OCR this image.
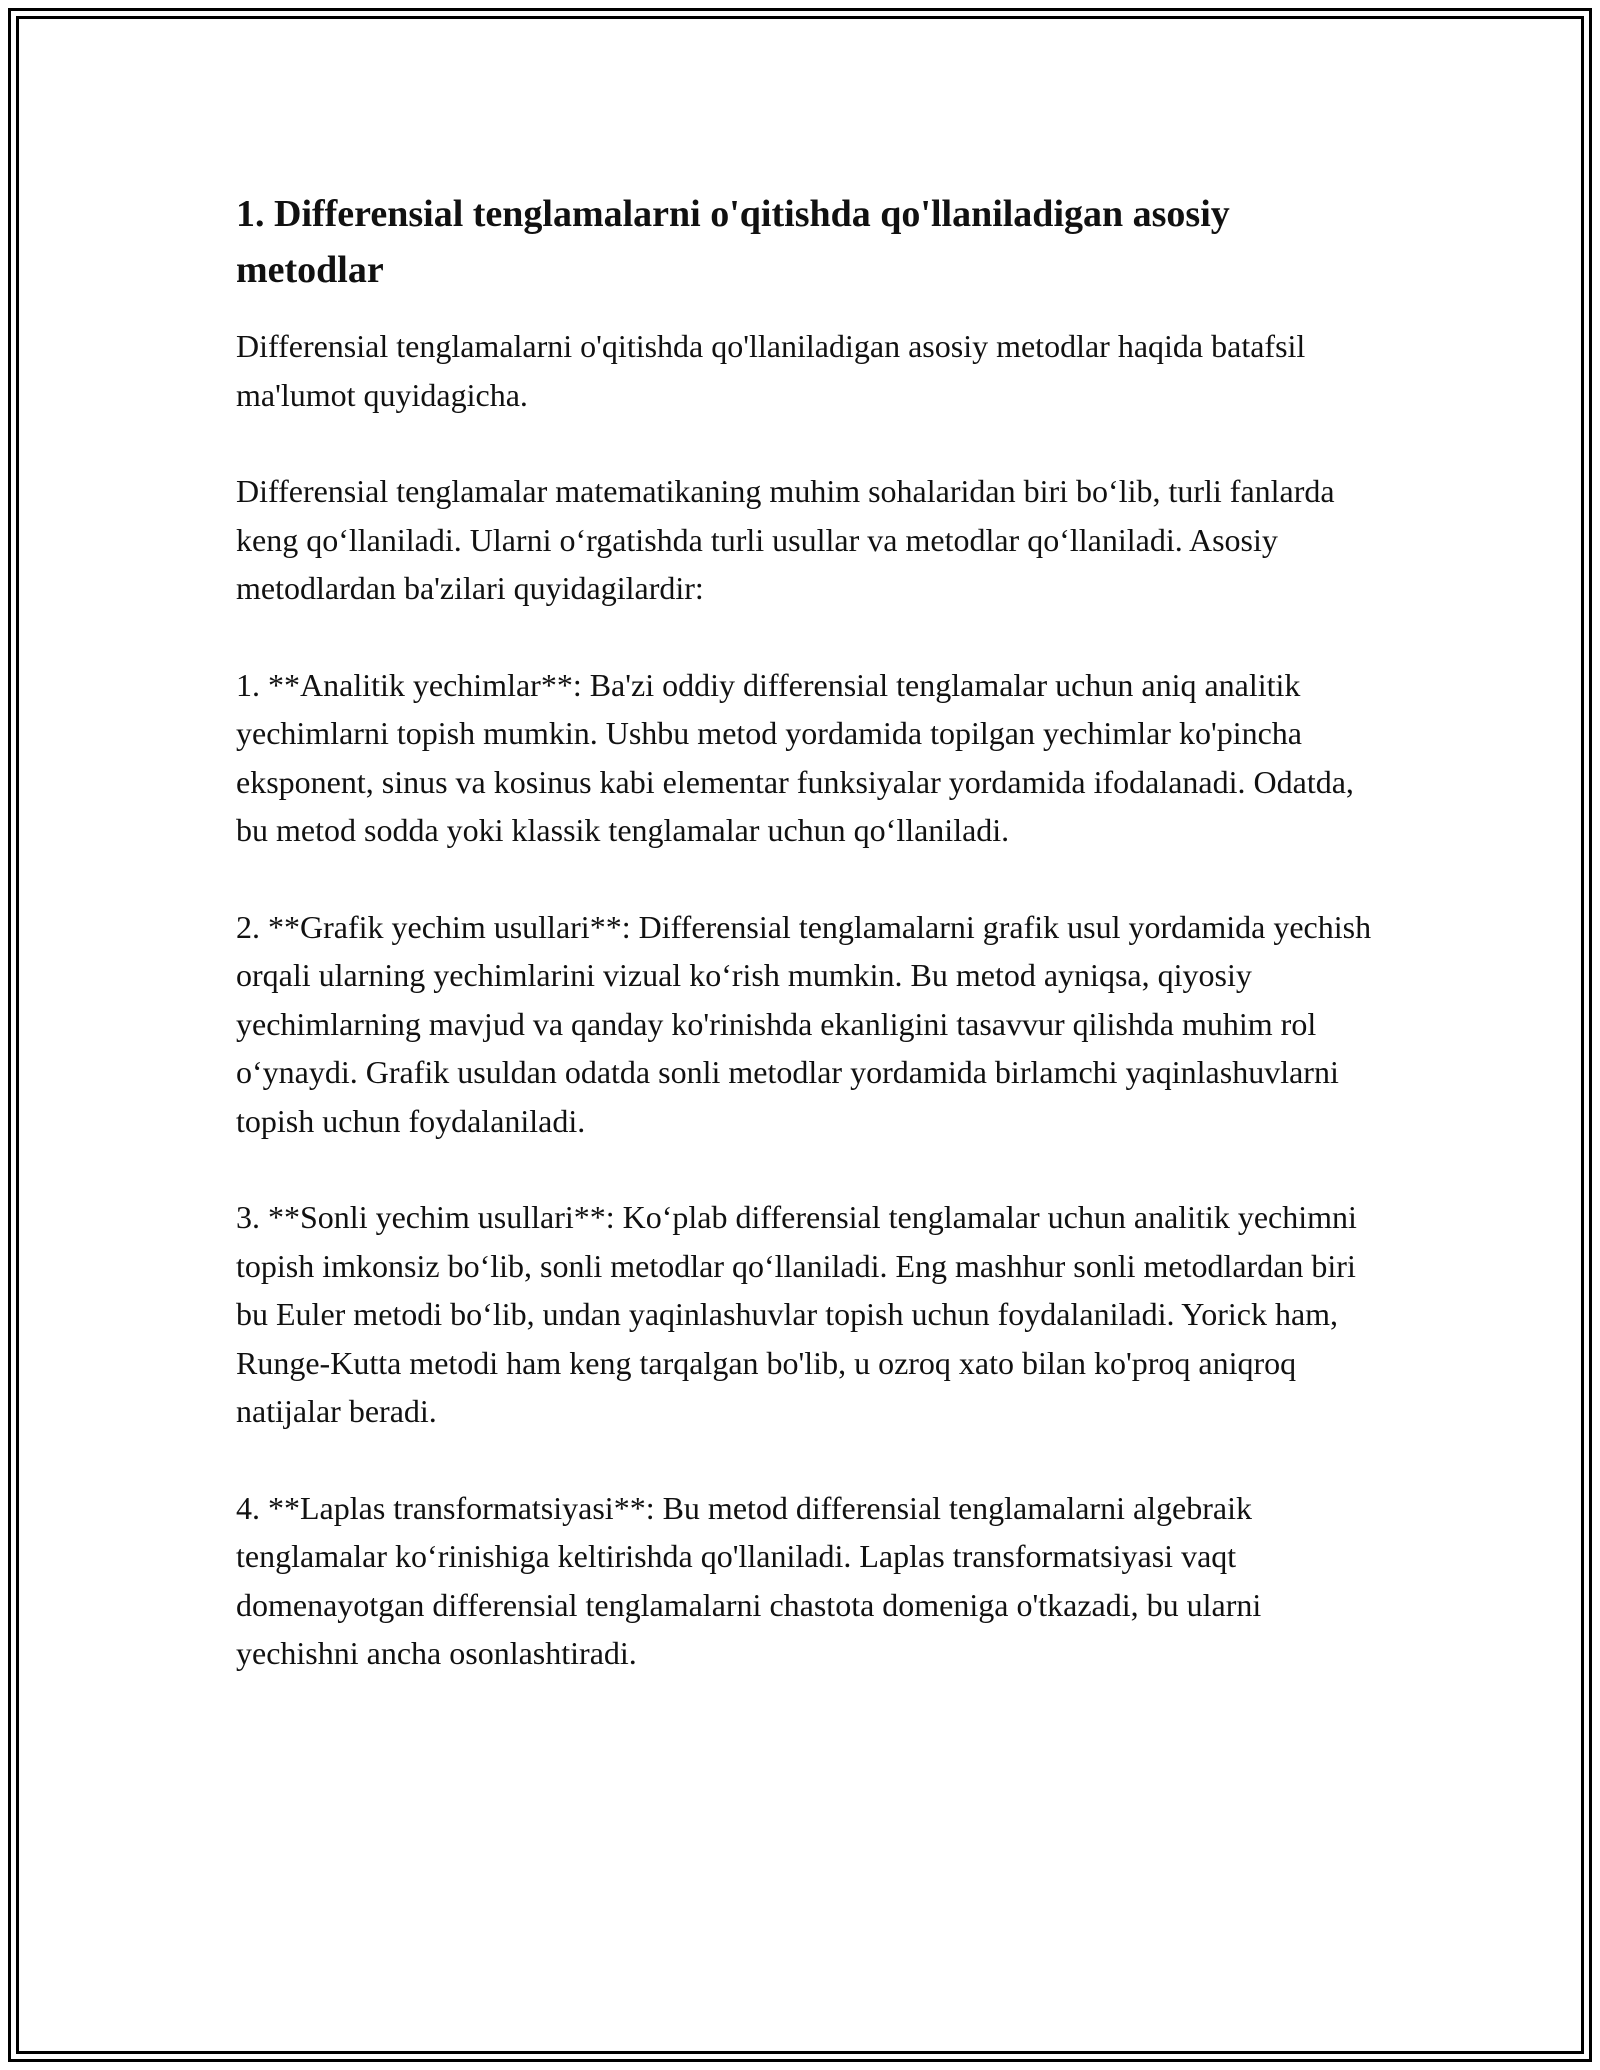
1. Differensial tenglamalarni o'qitishda qo'llaniladigan asosiy metodlar

Differensial tenglamalarni o'qitishda qo'llaniladigan asosiy metodlar haqida batafsil ma'lumot quyidagicha.

Differensial tenglamalar matematikaning muhim sohalaridan biri bo‘lib, turli fanlarda keng qo‘llaniladi. Ularni o‘rgatishda turli usullar va metodlar qo‘llaniladi. Asosiy metodlardan ba'zilari quyidagilardir:

1. **Analitik yechimlar**: Ba'zi oddiy differensial tenglamalar uchun aniq analitik yechimlarni topish mumkin. Ushbu metod yordamida topilgan yechimlar ko'pincha eksponent, sinus va kosinus kabi elementar funksiyalar yordamida ifodalanadi. Odatda, bu metod sodda yoki klassik tenglamalar uchun qo‘llaniladi.

2. **Grafik yechim usullari**: Differensial tenglamalarni grafik usul yordamida yechish orqali ularning yechimlarini vizual ko‘rish mumkin. Bu metod ayniqsa, qiyosiy yechimlarning mavjud va qanday ko'rinishda ekanligini tasavvur qilishda muhim rol o‘ynaydi. Grafik usuldan odatda sonli metodlar yordamida birlamchi yaqinlashuvlarni topish uchun foydalaniladi.

3. **Sonli yechim usullari**: Ko‘plab differensial tenglamalar uchun analitik yechimni topish imkonsiz bo‘lib, sonli metodlar qo‘llaniladi. Eng mashhur sonli metodlardan biri bu Euler metodi bo‘lib, undan yaqinlashuvlar topish uchun foydalaniladi. Yorick ham, Runge-Kutta metodi ham keng tarqalgan bo'lib, u ozroq xato bilan ko'proq aniqroq natijalar beradi.

4. **Laplas transformatsiyasi**: Bu metod differensial tenglamalarni algebraik tenglamalar ko‘rinishiga keltirishda qo'llaniladi. Laplas transformatsiyasi vaqt domenayotgan differensial tenglamalarni chastota domeniga o'tkazadi, bu ularni yechishni ancha osonlashtiradi.
